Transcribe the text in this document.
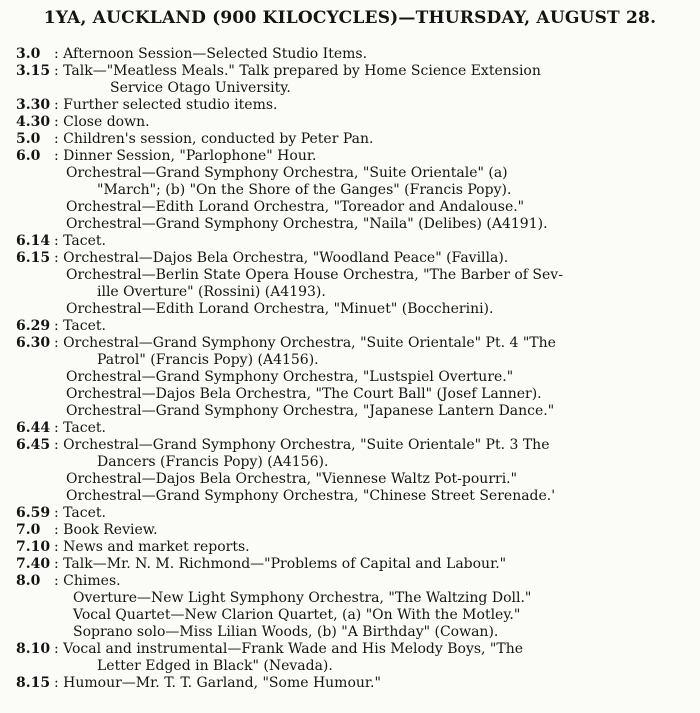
1YA, AUCKLAND (900 KILOCYCLES)—THURSDAY, AUGUST 28.
3.0 : Afternoon Session—Selected Studio Items.
3.15 : Talk—"Meatless Meals." Talk prepared by Home Science Extension
Service Otago University.
3.30 : Further selected studio items.
4.30 : Close down.
5.0 : Children's session, conducted by Peter Pan.
6.0 : Dinner Session, "Parlophone" Hour.
Orchestral—Grand Symphony Orchestra, "Suite Orientale" (a)
"March"; (b) "On the Shore of the Ganges" (Francis Popy).
Orchestral—Edith Lorand Orchestra, "Toreador and Andalouse."
Orchestral—Grand Symphony Orchestra, "Naila" (Delibes) (A4191).
6.14 : Tacet.
6.15 : Orchestral—Dajos Bela Orchestra, "Woodland Peace" (Favilla).
Orchestral—Berlin State Opera House Orchestra, "The Barber of Sev-
ille Overture" (Rossini) (A4193).
Orchestral—Edith Lorand Orchestra, "Minuet" (Boccherini).
6.29 : Tacet.
6.30 : Orchestral—Grand Symphony Orchestra, "Suite Orientale" Pt. 4 "The
Patrol" (Francis Popy) (A4156).
Orchestral—Grand Symphony Orchestra, "Lustspiel Overture."
Orchestral—Dajos Bela Orchestra, "The Court Ball" (Josef Lanner).
Orchestral—Grand Symphony Orchestra, "Japanese Lantern Dance."
6.44 : Tacet.
6.45 : Orchestral—Grand Symphony Orchestra, "Suite Orientale" Pt. 3 The
Dancers (Francis Popy) (A4156).
Orchestral—Dajos Bela Orchestra, "Viennese Waltz Pot-pourri."
Orchestral—Grand Symphony Orchestra, "Chinese Street Serenade.'
6.59 : Tacet.
7.0 : Book Review.
7.10 : News and market reports.
7.40 : Talk—Mr. N. M. Richmond—"Problems of Capital and Labour."
8.0 : Chimes.
Overture—New Light Symphony Orchestra, "The Waltzing Doll."
Vocal Quartet—New Clarion Quartet, (a) "On With the Motley."
Soprano solo—Miss Lilian Woods, (b) "A Birthday" (Cowan).
8.10 : Vocal and instrumental—Frank Wade and His Melody Boys, "The
Letter Edged in Black" (Nevada).
8.15 : Humour—Mr. T. T. Garland, "Some Humour."
